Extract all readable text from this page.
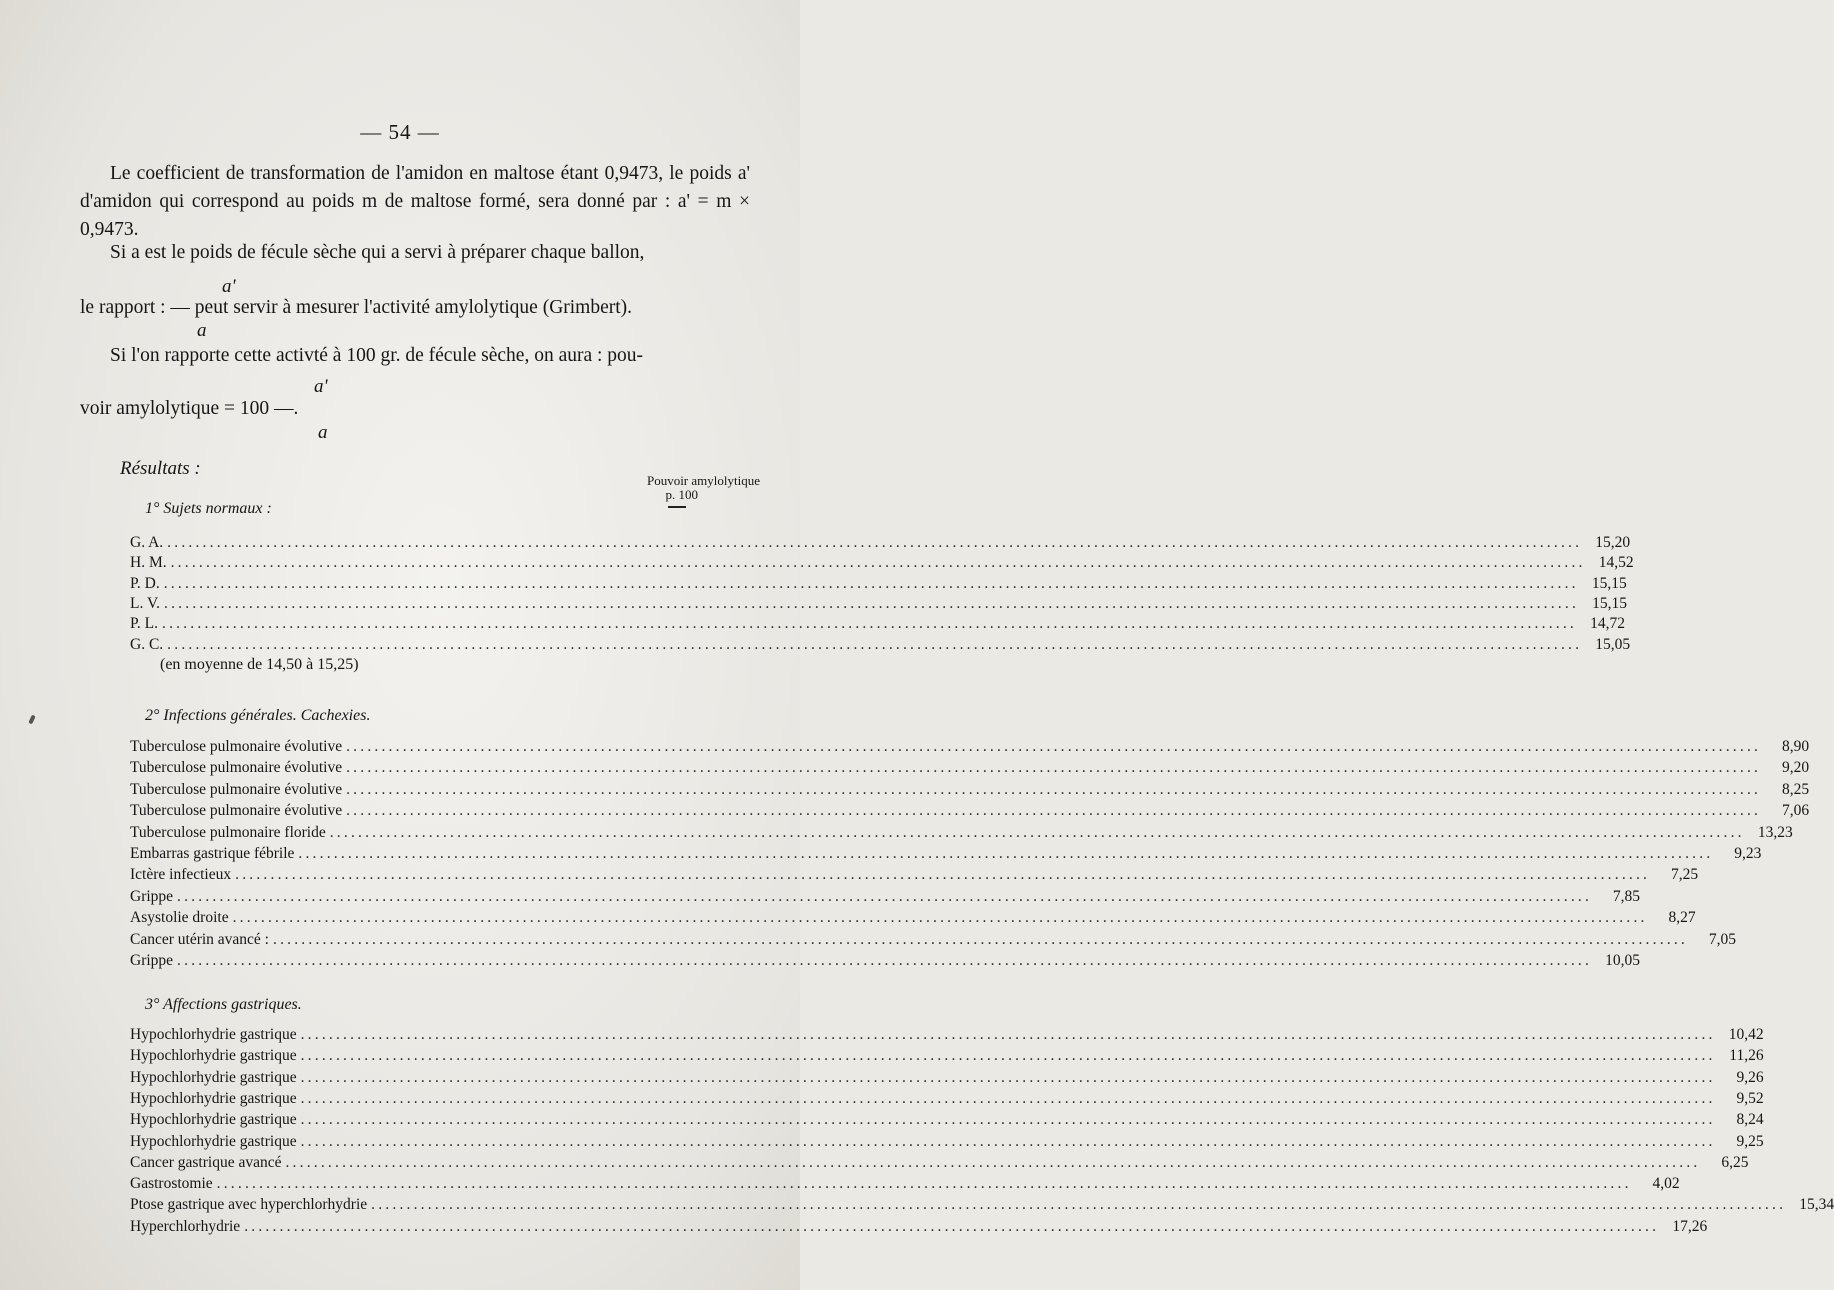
— 54 —
Le coefficient de transformation de l'amidon en maltose étant 0,9473, le poids a' d'amidon qui correspond au poids m de maltose formé, sera donné par : a' = m × 0,9473.
Si a est le poids de fécule sèche qui a servi à préparer chaque ballon,
a'
le rapport : — peut servir à mesurer l'activité amylolytique (Grimbert).
a
Si l'on rapporte cette activté à 100 gr. de fécule sèche, on aura : pou-
a'
voir amylolytique = 100 —.
a
Résultats :
Pouvoir amylolytique
p. 100
1° Sujets normaux :
G. A. ........................................................................................................................................................................................................ 15,20
H. M. ........................................................................................................................................................................................................ 14,52
P. D. ........................................................................................................................................................................................................ 15,15
L. V. ........................................................................................................................................................................................................ 15,15
P. L. ........................................................................................................................................................................................................ 14,72
G. C. ........................................................................................................................................................................................................ 15,05
(en moyenne de 14,50 à 15,25)
2° Infections générales. Cachexies.
Tuberculose pulmonaire évolutive ........................................................................................................................................................................................................	8,90
Tuberculose pulmonaire évolutive ........................................................................................................................................................................................................	9,20
Tuberculose pulmonaire évolutive ........................................................................................................................................................................................................	8,25
Tuberculose pulmonaire évolutive ........................................................................................................................................................................................................	7,06
Tuberculose pulmonaire floride ........................................................................................................................................................................................................ 13,23
Embarras gastrique fébrile ........................................................................................................................................................................................................	9,23
Ictère infectieux ........................................................................................................................................................................................................	7,25
Grippe ........................................................................................................................................................................................................	7,85
Asystolie droite ........................................................................................................................................................................................................	8,27
Cancer utérin avancé : ........................................................................................................................................................................................................	7,05
Grippe ........................................................................................................................................................................................................ 10,05
3° Affections gastriques.
Hypochlorhydrie gastrique ........................................................................................................................................................................................................ 10,42
Hypochlorhydrie gastrique ........................................................................................................................................................................................................ 11,26
Hypochlorhydrie gastrique ........................................................................................................................................................................................................	9,26
Hypochlorhydrie gastrique ........................................................................................................................................................................................................	9,52
Hypochlorhydrie gastrique ........................................................................................................................................................................................................	8,24
Hypochlorhydrie gastrique ........................................................................................................................................................................................................	9,25
Cancer gastrique avancé ........................................................................................................................................................................................................	6,25
Gastrostomie ........................................................................................................................................................................................................	4,02
Ptose gastrique avec hyperchlorhydrie ........................................................................................................................................................................................................ 15,34
Hyperchlorhydrie ........................................................................................................................................................................................................ 17,26
